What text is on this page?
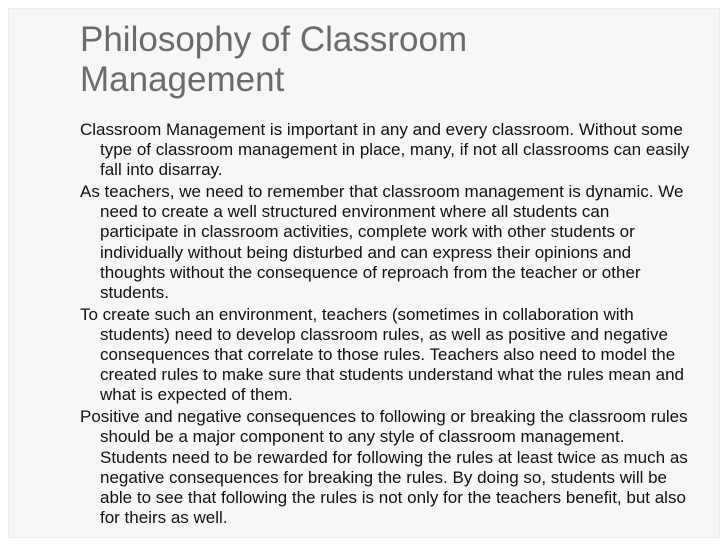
Philosophy of Classroom Management

Classroom Management is important in any and every classroom. Without some type of classroom management in place, many, if not all classrooms can easily fall into disarray.

As teachers, we need to remember that classroom management is dynamic. We need to create a well structured environment where all students can participate in classroom activities, complete work with other students or individually without being disturbed and can express their opinions and thoughts without the consequence of reproach from the teacher or other students.

To create such an environment, teachers (sometimes in collaboration with students) need to develop classroom rules, as well as positive and negative consequences that correlate to those rules. Teachers also need to model the created rules to make sure that students understand what the rules mean and what is expected of them.

Positive and negative consequences to following or breaking the classroom rules should be a major component to any style of classroom management. Students need to be rewarded for following the rules at least twice as much as negative consequences for breaking the rules. By doing so, students will be able to see that following the rules is not only for the teachers benefit, but also for theirs as well.
